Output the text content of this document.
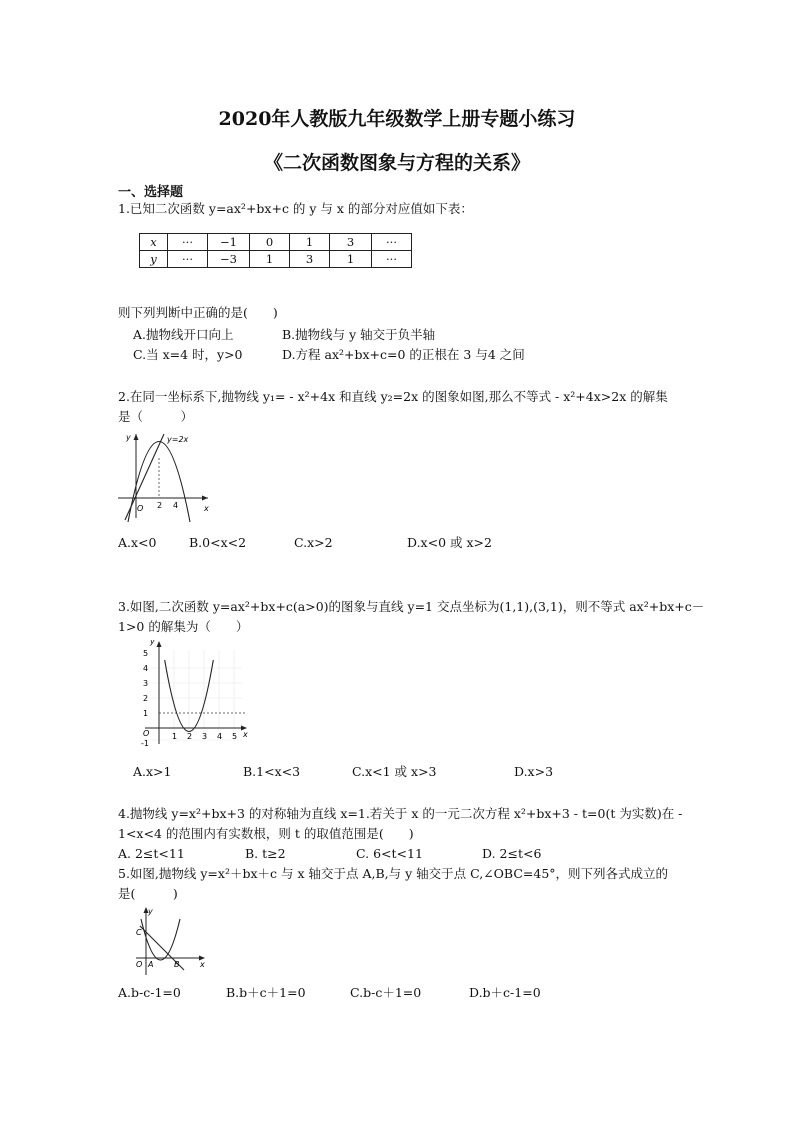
2020年人教版九年级数学上册专题小练习
《二次函数图象与方程的关系》
一、选择题
1.已知二次函数 y=ax²+bx+c 的 y 与 x 的部分对应值如下表：
x	···	−1	0	1	3	···
y	···	−3	1	3	1	···
则下列判断中正确的是(　　)
A.抛物线开口向上	B.抛物线与 y 轴交于负半轴
C.当 x=4 时，y>0	D.方程 ax²+bx+c=0 的正根在 3 与4 之间
2.在同一坐标系下,抛物线 y₁= - x²+4x 和直线 y₂=2x 的图象如图,那么不等式 - x²+4x>2x 的解集
是（　　　）
y
x
O
y=2x
2 4
A.x<0	B.0<x<2	C.x>2	D.x<0 或 x>2
3.如图,二次函数 y=ax²+bx+c(a>0)的图象与直线 y=1 交点坐标为(1,1),(3,1)，则不等式 ax²+bx+c－
1>0 的解集为（　　）
y
x
O
5
4
3
2
1
-1
1 2 3 4 5
A.x>1	B.1<x<3	C.x<1 或 x>3	D.x>3
4.抛物线 y=x²+bx+3 的对称轴为直线 x=1.若关于 x 的一元二次方程 x²+bx+3 - t=0(t 为实数)在 -
1<x<4 的范围内有实数根，则 t 的取值范围是(　　)
A. 2≤t<11	B. t≥2	C. 6<t<11	D. 2≤t<6
5.如图,抛物线 y=x²＋bx＋c 与 x 轴交于点 A,B,与 y 轴交于点 C,∠OBC=45°，则下列各式成立的
是(　　　)
y
x
O
C
A	B
A.b-c-1=0	B.b＋c＋1=0	C.b-c＋1=0	D.b＋c-1=0
